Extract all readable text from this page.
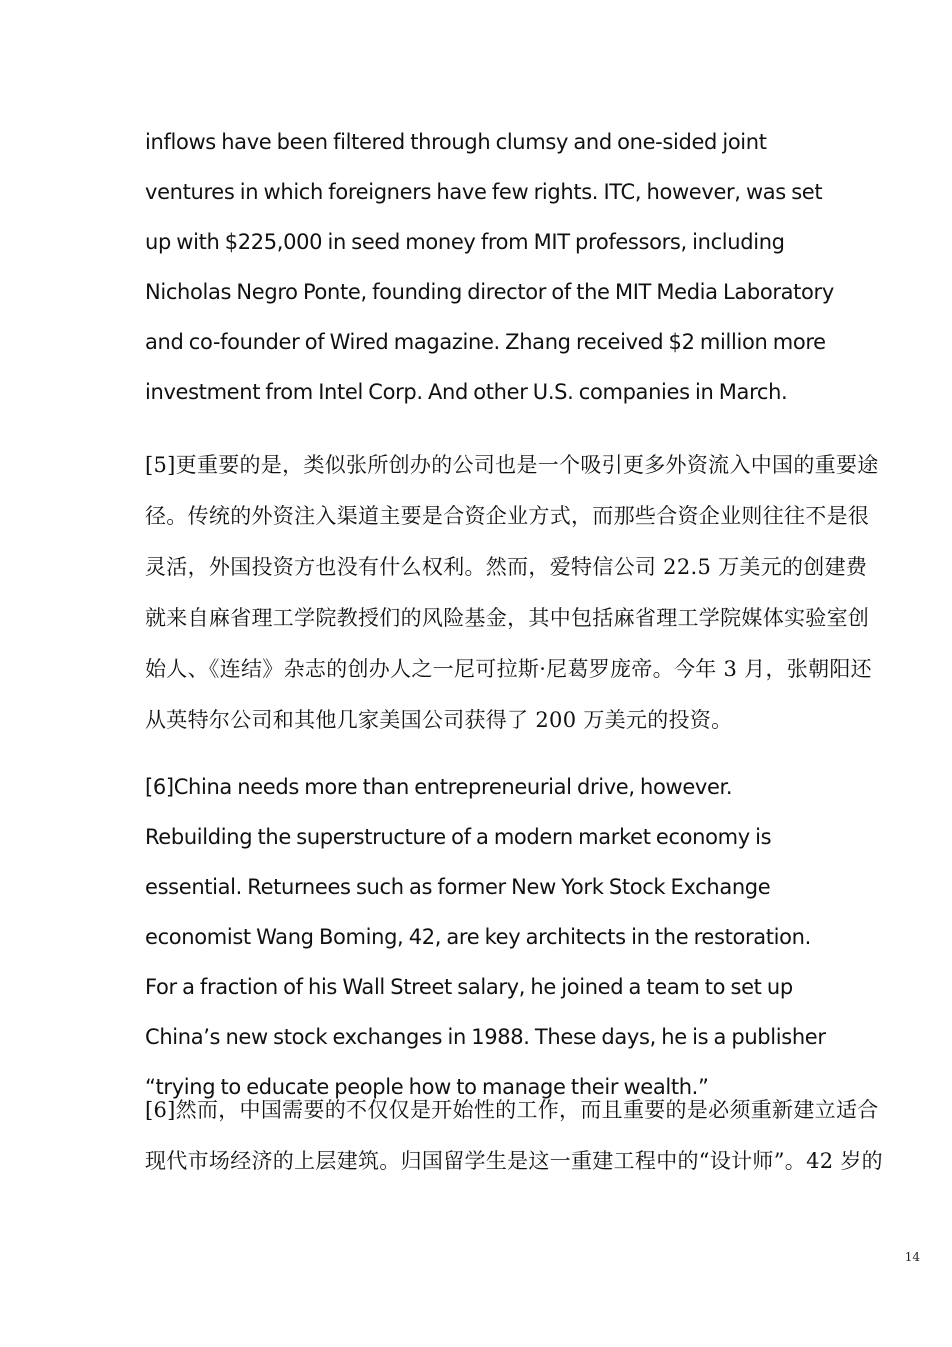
inflows have been filtered through clumsy and one-sided joint
ventures in which foreigners have few rights. ITC, however, was set
up with $225,000 in seed money from MIT professors, including
Nicholas Negro Ponte, founding director of the MIT Media Laboratory
and co-founder of Wired magazine. Zhang received $2 million more
investment from Intel Corp. And other U.S. companies in March.
[5]更重要的是，类似张所创办的公司也是一个吸引更多外资流入中国的重要途
径。传统的外资注入渠道主要是合资企业方式，而那些合资企业则往往不是很
灵活，外国投资方也没有什么权利。然而，爱特信公司 22.5 万美元的创建费
就来自麻省理工学院教授们的风险基金，其中包括麻省理工学院媒体实验室创
始人、《连结》杂志的创办人之一尼可拉斯·尼葛罗庞帝。今年 3 月，张朝阳还
从英特尔公司和其他几家美国公司获得了 200 万美元的投资。
[6]China needs more than entrepreneurial drive, however.
Rebuilding the superstructure of a modern market economy is
essential. Returnees such as former New York Stock Exchange
economist Wang Boming, 42, are key architects in the restoration.
For a fraction of his Wall Street salary, he joined a team to set up
China’s new stock exchanges in 1988. These days, he is a publisher
“trying to educate people how to manage their wealth.”
[6]然而，中国需要的不仅仅是开始性的工作，而且重要的是必须重新建立适合
现代市场经济的上层建筑。归国留学生是这一重建工程中的“设计师”。42 岁的
14
